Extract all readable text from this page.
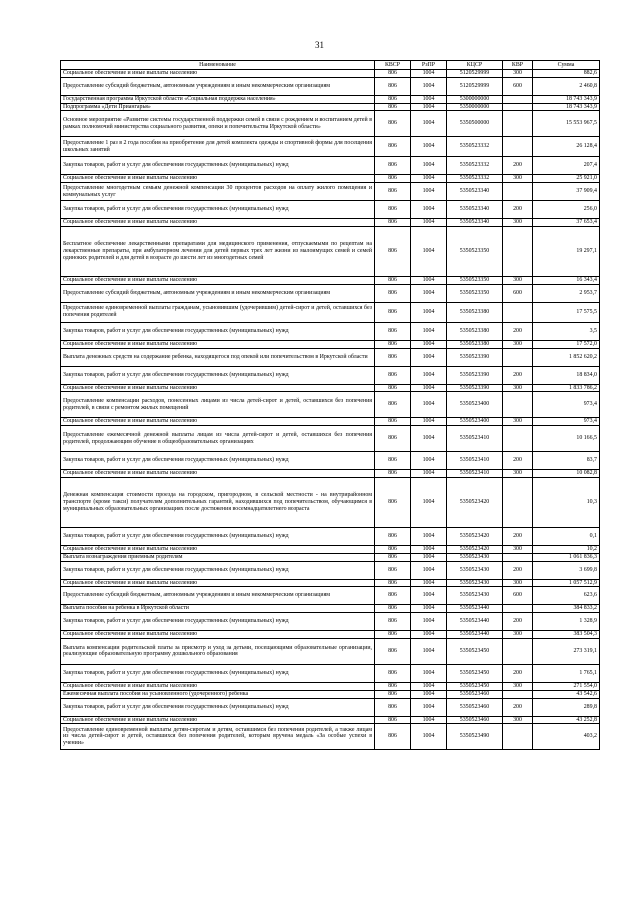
31
Наименование	КВСР	РзПР	КЦСР	КВР	Сумма
Социальное обеспечение и иные выплаты населению	806	1004	5120529999	300	882,6
Предоставление субсидий бюджетным, автономным учреждениям и иным некоммерческим организациям	806	1004	5120529999	600	2 460,8
Государственная программа Иркутской области «Социальная поддержка населения»	806	1004	5300000000		18 743 343,9
Подпрограмма «Дети Приангарья»	806	1004	5350000000		18 743 343,9
Основное мероприятие «Развитие системы государственной поддержки семей в связи с рождением и воспитанием детей в рамках полномочий министерства социального развития, опеки и попечительства Иркутской области»	806	1004	5350500000		15 553 967,5
Предоставление 1 раз в 2 года пособия на приобретение для детей комплекта одежды и спортивной формы для посещения школьных занятий	806	1004	5350523332		26 128,4
Закупка товаров, работ и услуг для обеспечения государственных (муниципальных) нужд	806	1004	5350523332	200	207,4
Социальное обеспечение и иные выплаты населению	806	1004	5350523332	300	25 921,0
Предоставление многодетным семьям денежной компенсации 30 процентов расходов на оплату жилого помещения и коммунальных услуг	806	1004	5350523340		37 909,4
Закупка товаров, работ и услуг для обеспечения государственных (муниципальных) нужд	806	1004	5350523340	200	256,0
Социальное обеспечение и иные выплаты населению	806	1004	5350523340	300	37 653,4
Бесплатное обеспечение лекарственными препаратами для медицинского применения, отпускаемыми по рецептам на лекарственные препараты, при амбулаторном лечении для детей первых трех лет жизни из малоимущих семей и семей одиноких родителей и для детей в возрасте до шести лет из многодетных семей	806	1004	5350523350		19 297,1
Социальное обеспечение и иные выплаты населению	806	1004	5350523350	300	16 343,4
Предоставление субсидий бюджетным, автономным учреждениям и иным некоммерческим организациям	806	1004	5350523350	600	2 953,7
Предоставление единовременной выплаты гражданам, усыновившим (удочерившим) детей-сирот и детей, оставшихся без попечения родителей	806	1004	5350523380		17 575,5
Закупка товаров, работ и услуг для обеспечения государственных (муниципальных) нужд	806	1004	5350523380	200	3,5
Социальное обеспечение и иные выплаты населению	806	1004	5350523380	300	17 572,0
Выплата денежных средств на содержание ребенка, находящегося под опекой или попечительством в Иркутской области	806	1004	5350523390		1 852 620,2
Закупка товаров, работ и услуг для обеспечения государственных (муниципальных) нужд	806	1004	5350523390	200	18 834,0
Социальное обеспечение и иные выплаты населению	806	1004	5350523390	300	1 833 786,2
Предоставление компенсации расходов, понесенных лицами из числа детей-сирот и детей, оставшихся без попечения родителей, в связи с ремонтом жилых помещений	806	1004	5350523400		973,4
Социальное обеспечение и иные выплаты населению	806	1004	5350523400	300	973,4
Предоставление ежемесячной денежной выплаты лицам из числа детей-сирот и детей, оставшихся без попечения родителей, продолжающим обучение в общеобразовательных организациях	806	1004	5350523410		10 166,5
Закупка товаров, работ и услуг для обеспечения государственных (муниципальных) нужд	806	1004	5350523410	200	83,7
Социальное обеспечение и иные выплаты населению	806	1004	5350523410	300	10 082,8
Денежная компенсация стоимости проезда на городском, пригородном, в сельской местности - на внутрирайонном транспорте (кроме такси) получателям дополнительных гарантий, находившихся под попечительством, обучающимся в муниципальных образовательных организациях после достижения восемнадцатилетнего возраста	806	1004	5350523420		10,3
Закупка товаров, работ и услуг для обеспечения государственных (муниципальных) нужд	806	1004	5350523420	200	0,1
Социальное обеспечение и иные выплаты населению	806	1004	5350523420	300	10,2
Выплата вознаграждения приемным родителям	806	1004	5350523430		1 061 836,3
Закупка товаров, работ и услуг для обеспечения государственных (муниципальных) нужд	806	1004	5350523430	200	3 699,8
Социальное обеспечение и иные выплаты населению	806	1004	5350523430	300	1 057 512,9
Предоставление субсидий бюджетным, автономным учреждениям и иным некоммерческим организациям	806	1004	5350523430	600	623,6
Выплата пособия на ребенка в Иркутской области	806	1004	5350523440		384 833,2
Закупка товаров, работ и услуг для обеспечения государственных (муниципальных) нужд	806	1004	5350523440	200	1 328,9
Социальное обеспечение и иные выплаты населению	806	1004	5350523440	300	383 504,3
Выплата компенсации родительской платы за присмотр и уход за детьми, посещающими образовательные организации, реализующие образовательную программу дошкольного образования	806	1004	5350523450		273 319,1
Закупка товаров, работ и услуг для обеспечения государственных (муниципальных) нужд	806	1004	5350523450	200	1 765,1
Социальное обеспечение и иные выплаты населению	806	1004	5350523450	300	271 554,0
Ежемесячная выплата пособия на усыновленного (удочеренного) ребенка	806	1004	5350523460		43 542,6
Закупка товаров, работ и услуг для обеспечения государственных (муниципальных) нужд	806	1004	5350523460	200	289,8
Социальное обеспечение и иные выплаты населению	806	1004	5350523460	300	43 252,8
Предоставление единовременной выплаты детям-сиротам и детям, оставшимся без попечения родителей, а также лицам из числа детей-сирот и детей, оставшихся без попечения родителей, которым вручена медаль «За особые успехи в учении»	806	1004	5350523490		403,2
